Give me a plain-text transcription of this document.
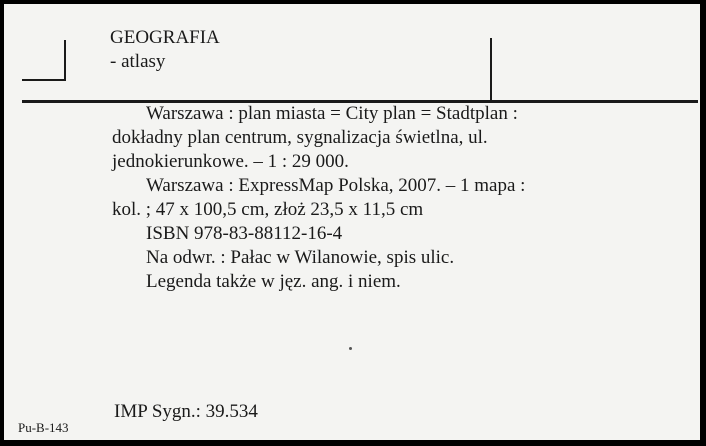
GEOGRAFIA
- atlasy

Warszawa : plan miasta = City plan = Stadtplan :

dokładny plan centrum, sygnalizacja świetlna, ul.

jednokierunkowe. – 1 : 29 000.

Warszawa : ExpressMap Polska, 2007. – 1 mapa :

kol. ; 47 x 100,5 cm, złoż 23,5 x 11,5 cm

ISBN 978-83-88112-16-4

Na odwr. : Pałac w Wilanowie, spis ulic.

Legenda także w jęz. ang. i niem.

IMP Sygn.: 39.534
Pu-B-143
